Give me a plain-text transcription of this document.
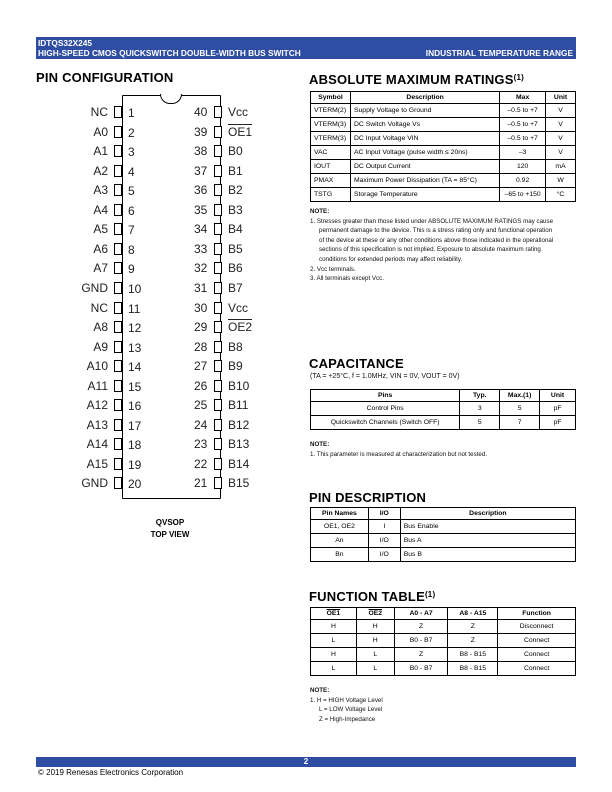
IDTQS32X245
HIGH-SPEED CMOS QUICKSWITCH DOUBLE-WIDTH BUS SWITCH	INDUSTRIAL TEMPERATURE RANGE
PIN CONFIGURATION
NC 1
A0 2
A1 3
A2 4
A3 5
A4 6
A5 7
A6 8
A7 9
GND 10
NC 11
A8 12
A9 13
A10 14
A11 15
A12 16
A13 17
A14 18
A15 19
GND 20
40 Vcc
39 OE1
38 B0
37 B1
36 B2
35 B3
34 B4
33 B5
32 B6
31 B7
30 Vcc
29 OE2
28 B8
27 B9
26 B10
25 B11
24 B12
23 B13
22 B14
21 B15
QVSOP
TOP VIEW
ABSOLUTE MAXIMUM RATINGS$^{(1)}$
Symbol	Description	Max	Unit
VTERM(2)	Supply Voltage to Ground	–0.5 to +7	V
VTERM(3)	DC Switch Voltage Vs	–0.5 to +7	V
VTERM(3)	DC Input Voltage VIN	–0.5 to +7	V
VAC	AC Input Voltage (pulse width ≤ 20ns)	–3	V
IOUT	DC Output Current	120	mA
PMAX	Maximum Power Dissipation (TA = 85°C)	0.92	W
TSTG	Storage Temperature	–65 to +150	°C
NOTE:
1. Stresses greater than those listed under ABSOLUTE MAXIMUM RATINGS may cause
permanent damage to the device. This is a stress rating only and functional operation
of the device at these or any other conditions above those indicated in the operational
sections of this specification is not implied. Exposure to absolute maximum rating
conditions for extended periods may affect reliability.
2. Vcc terminals.
3. All terminals except Vcc.
CAPACITANCE
(TA = +25°C, f = 1.0MHz, VIN = 0V, VOUT = 0V)
Pins	Typ.	Max.(1)	Unit
Control Pins	3	5	pF
Quickswitch Channels (Switch OFF)	5	7	pF
NOTE:
1. This parameter is measured at characterization but not tested.
PIN DESCRIPTION
Pin Names	I/O	Description
OE1, OE2	I	Bus Enable
An	I/O	Bus A
Bn	I/O	Bus B
FUNCTION TABLE$^{(1)}$
OE1	OE2	A0 - A7	A8 - A15	Function
H	H	Z	Z	Disconnect
L	H	B0 - B7	Z	Connect
H	L	Z	B8 - B15	Connect
L	L	B0 - B7	B8 - B15	Connect
NOTE:
1. H = HIGH Voltage Level
L = LOW Voltage Level
Z = High-Impedance
2
© 2019 Renesas Electronics Corporation
